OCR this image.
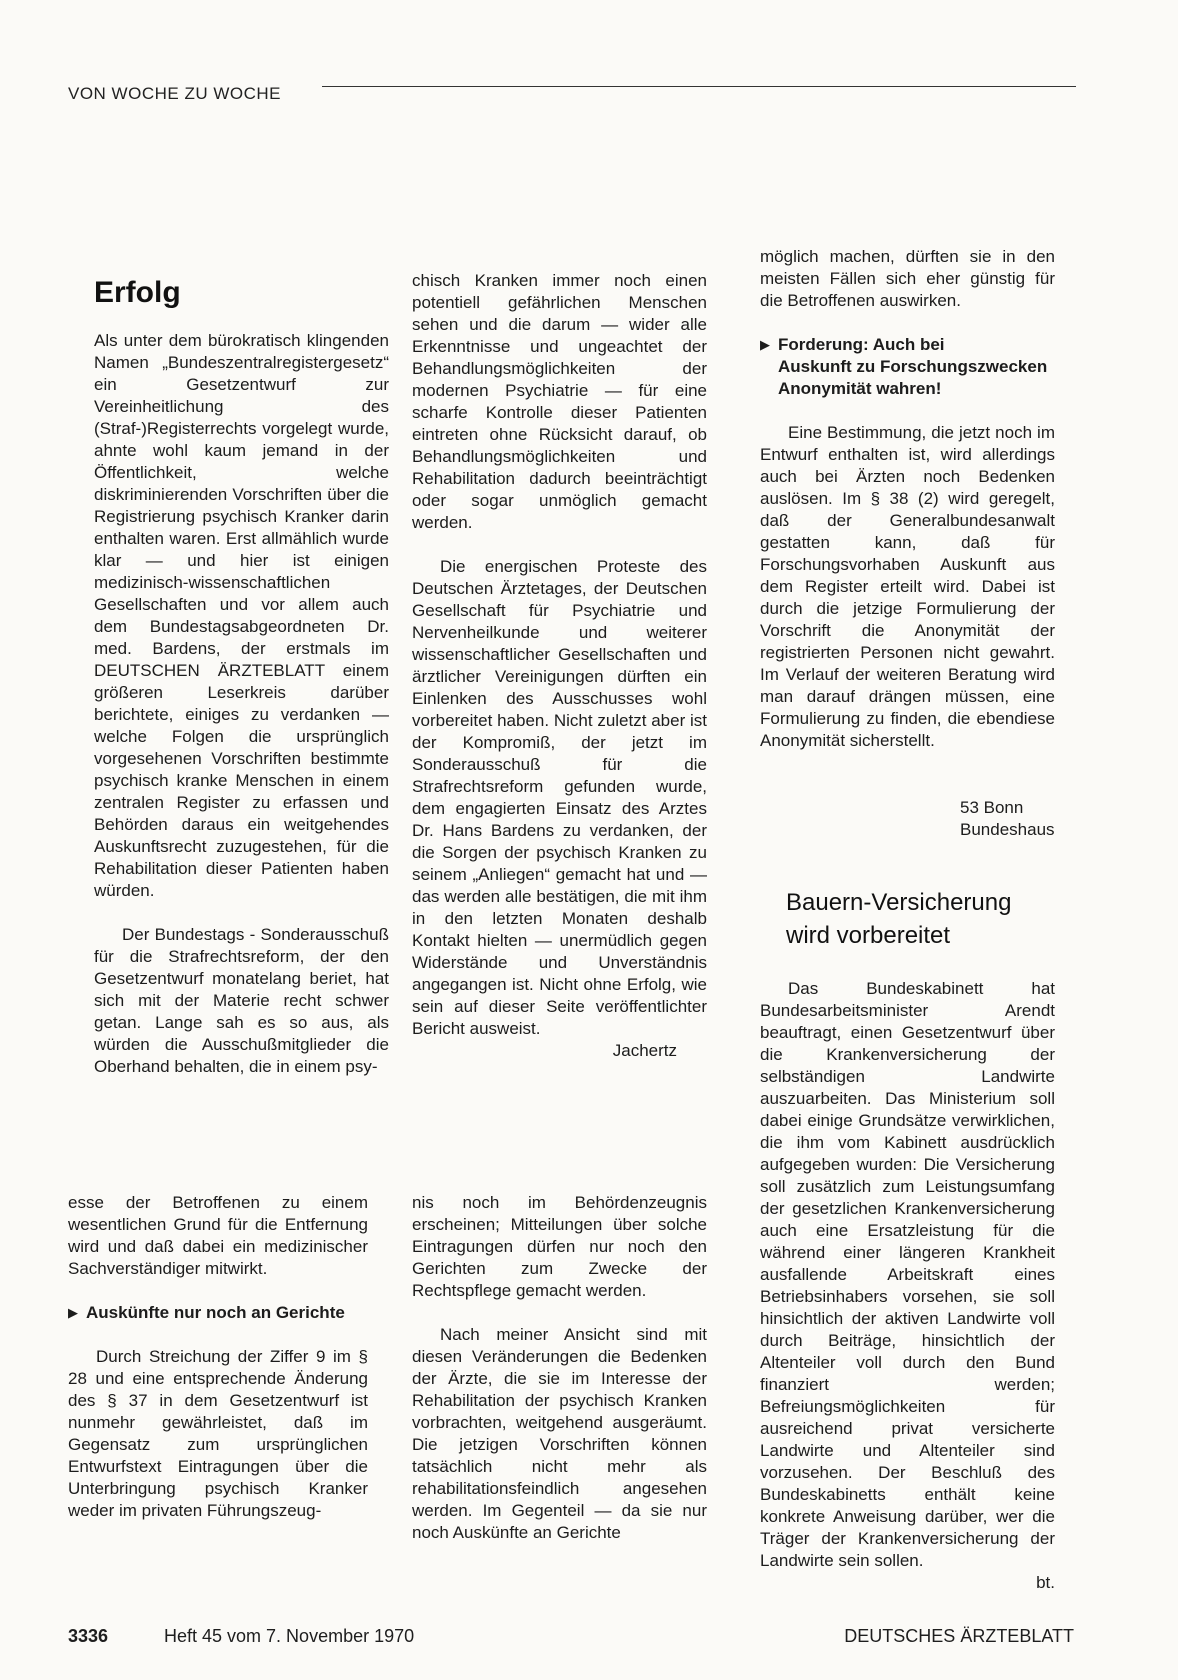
VON WOCHE ZU WOCHE
Erfolg

Als unter dem bürokratisch klingenden Namen „Bundeszentralregistergesetz“ ein Gesetzentwurf zur Vereinheitlichung des (Straf-)Registerrechts vorgelegt wurde, ahnte wohl kaum jemand in der Öffentlichkeit, welche diskriminierenden Vorschriften über die Registrierung psychisch Kranker darin enthalten waren. Erst allmählich wurde klar — und hier ist einigen medizinisch-wissenschaftlichen Gesellschaften und vor allem auch dem Bundestagsabgeordneten Dr. med. Bardens, der erstmals im DEUTSCHEN ÄRZTEBLATT einem größeren Leserkreis darüber berichtete, einiges zu verdanken — welche Folgen die ursprünglich vorgesehenen Vorschriften bestimmte psychisch kranke Menschen in einem zentralen Register zu erfassen und Behörden daraus ein weitgehendes Auskunftsrecht zuzugestehen, für die Rehabilitation dieser Patienten haben würden.

Der Bundestags - Sonderausschuß für die Strafrechtsreform, der den Gesetzentwurf monatelang beriet, hat sich mit der Materie recht schwer getan. Lange sah es so aus, als würden die Ausschußmitglieder die Oberhand behalten, die in einem psy-

chisch Kranken immer noch einen potentiell gefährlichen Menschen sehen und die darum — wider alle Erkenntnisse und ungeachtet der Behandlungsmöglichkeiten der modernen Psychiatrie — für eine scharfe Kontrolle dieser Patienten eintreten ohne Rücksicht darauf, ob Behandlungsmöglichkeiten und Rehabilitation dadurch beeinträchtigt oder sogar unmöglich gemacht werden.

Die energischen Proteste des Deutschen Ärztetages, der Deutschen Gesellschaft für Psychiatrie und Nervenheilkunde und weiterer wissenschaftlicher Gesellschaften und ärztlicher Vereinigungen dürften ein Einlenken des Ausschusses wohl vorbereitet haben. Nicht zuletzt aber ist der Kompromiß, der jetzt im Sonderausschuß für die Strafrechtsreform gefunden wurde, dem engagierten Einsatz des Arztes Dr. Hans Bardens zu verdanken, der die Sorgen der psychisch Kranken zu seinem „Anliegen“ gemacht hat und — das werden alle bestätigen, die mit ihm in den letzten Monaten deshalb Kontakt hielten — unermüdlich gegen Widerstände und Unverständnis angegangen ist. Nicht ohne Erfolg, wie sein auf dieser Seite veröffentlichter Bericht ausweist.

Jachertz

möglich machen, dürften sie in den meisten Fällen sich eher günstig für die Betroffenen auswirken.

▶ Forderung: Auch bei
Auskunft zu Forschungszwecken
Anonymität wahren!

Eine Bestimmung, die jetzt noch im Entwurf enthalten ist, wird allerdings auch bei Ärzten noch Bedenken auslösen. Im § 38 (2) wird geregelt, daß der Generalbundesanwalt gestatten kann, daß für Forschungsvorhaben Auskunft aus dem Register erteilt wird. Dabei ist durch die jetzige Formulierung der Vorschrift die Anonymität der registrierten Personen nicht gewahrt. Im Verlauf der weiteren Beratung wird man darauf drängen müssen, eine Formulierung zu finden, die ebendiese Anonymität sicherstellt.

53 Bonn
Bundeshaus
Bauern-Versicherung
wird vorbereitet

Das Bundeskabinett hat Bundesarbeitsminister Arendt beauftragt, einen Gesetzentwurf über die Krankenversicherung der selbständigen Landwirte auszuarbeiten. Das Ministerium soll dabei einige Grundsätze verwirklichen, die ihm vom Kabinett ausdrücklich aufgegeben wurden: Die Versicherung soll zusätzlich zum Leistungsumfang der gesetzlichen Krankenversicherung auch eine Ersatzleistung für die während einer längeren Krankheit ausfallende Arbeitskraft eines Betriebsinhabers vorsehen, sie soll hinsichtlich der aktiven Landwirte voll durch Beiträge, hinsichtlich der Altenteiler voll durch den Bund finanziert werden; Befreiungsmöglichkeiten für ausreichend privat versicherte Landwirte und Altenteiler sind vorzusehen. Der Beschluß des Bundeskabinetts enthält keine konkrete Anweisung darüber, wer die Träger der Krankenversicherung der Landwirte sein sollen.

bt.

esse der Betroffenen zu einem wesentlichen Grund für die Entfernung wird und daß dabei ein medizinischer Sachverständiger mitwirkt.

▶ Auskünfte nur noch an Gerichte

Durch Streichung der Ziffer 9 im § 28 und eine entsprechende Änderung des § 37 in dem Gesetzentwurf ist nunmehr gewährleistet, daß im Gegensatz zum ursprünglichen Entwurfstext Eintragungen über die Unterbringung psychisch Kranker weder im privaten Führungszeug-

nis noch im Behördenzeugnis erscheinen; Mitteilungen über solche Eintragungen dürfen nur noch den Gerichten zum Zwecke der Rechtspflege gemacht werden.

Nach meiner Ansicht sind mit diesen Veränderungen die Bedenken der Ärzte, die sie im Interesse der Rehabilitation der psychisch Kranken vorbrachten, weitgehend ausgeräumt. Die jetzigen Vorschriften können tatsächlich nicht mehr als rehabilitationsfeindlich angesehen werden. Im Gegenteil — da sie nur noch Auskünfte an Gerichte

3336	Heft 45 vom 7. November 1970	DEUTSCHES ÄRZTEBLATT
